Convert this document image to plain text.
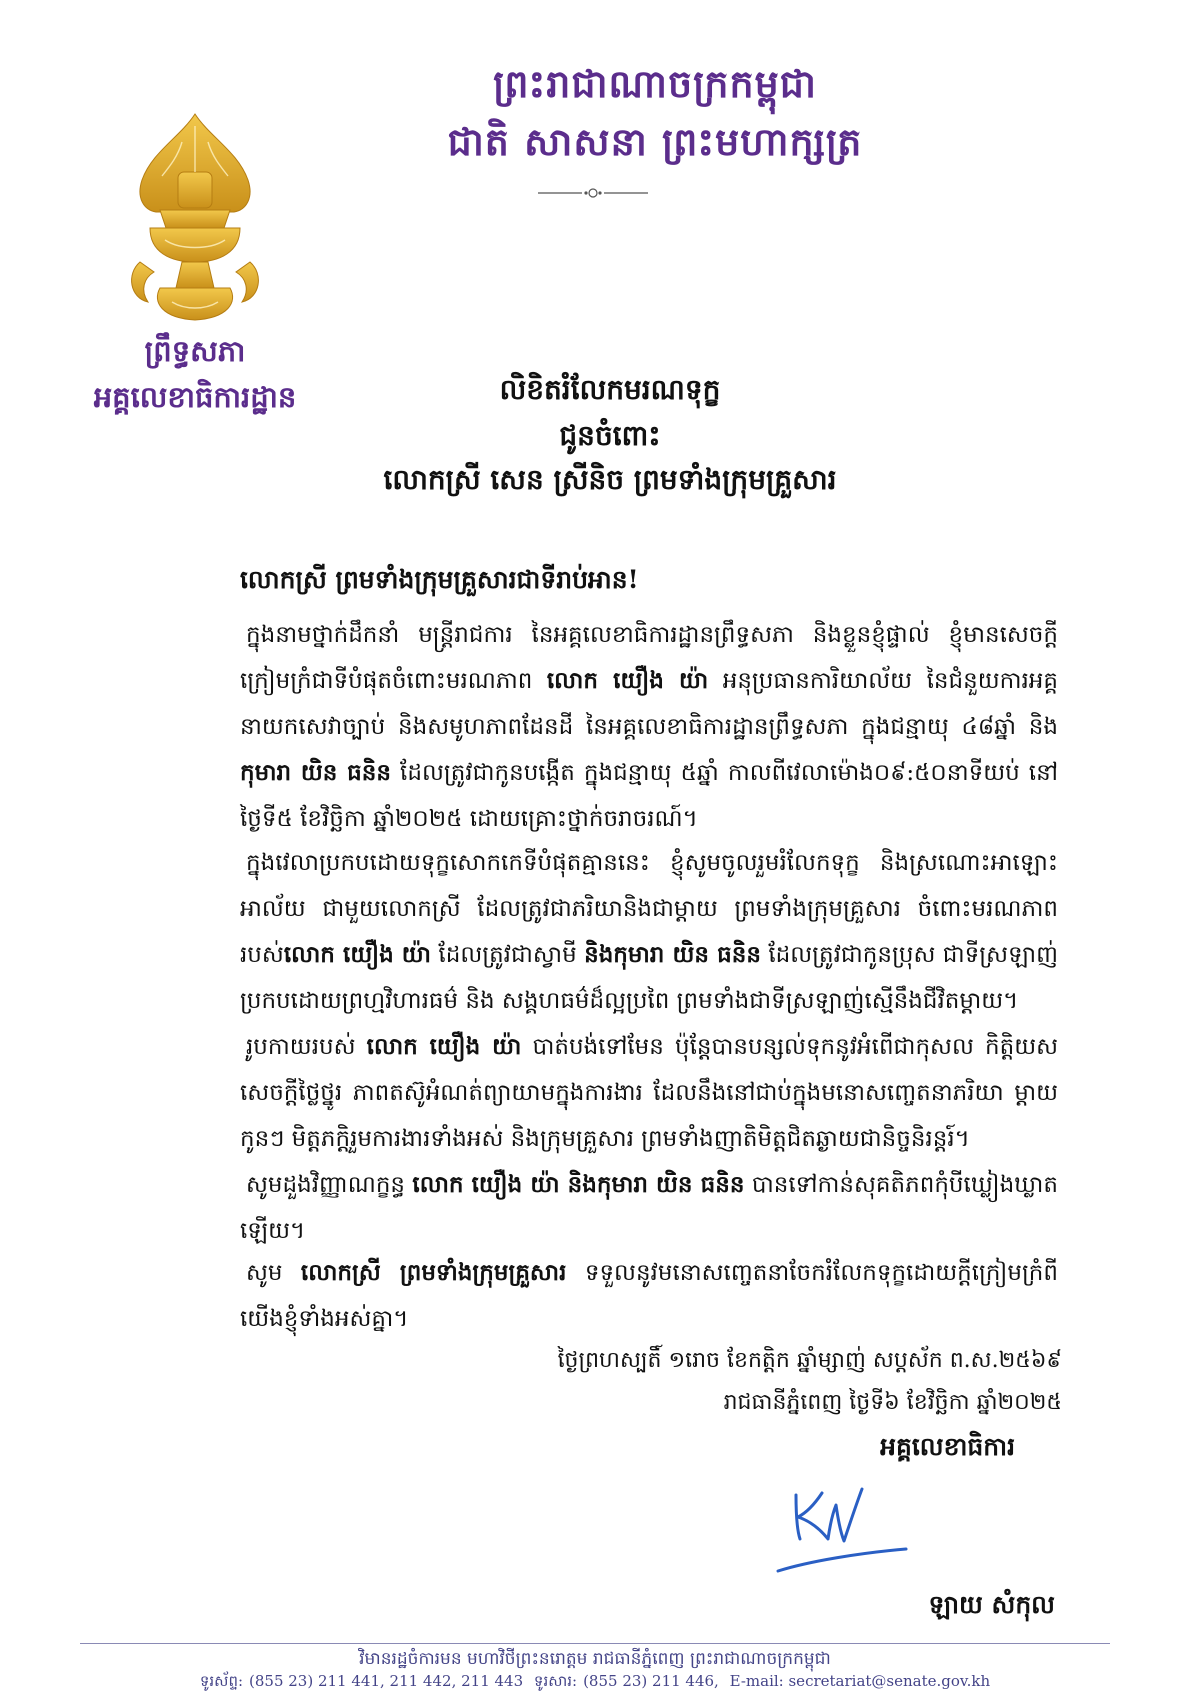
ព្រះរាជាណាចក្រកម្ពុជា
ជាតិ សាសនា ព្រះមហាក្សត្រ
ព្រឹទ្ធសភា
អគ្គលេខាធិការដ្ឋាន	លិខិតរំលែកមរណទុក្ខ
ជូនចំពោះ
លោកស្រី សេន ស្រីនិច ព្រមទាំងក្រុមគ្រួសារ
លោកស្រី ព្រមទាំងក្រុមគ្រួសារជាទីរាប់អាន!

ក្នុងនាមថ្នាក់ដឹកនាំ មន្ត្រីរាជការ នៃអគ្គលេខាធិការដ្ឋានព្រឹទ្ធសភា និងខ្លួនខ្ញុំផ្ទាល់ ខ្ញុំមានសេចក្តីក្រៀមក្រំជាទីបំផុតចំពោះមរណភាព លោក យឿង យ៉ា អនុប្រធានការិយាល័យ នៃជំនួយការអគ្គនាយកសេវាច្បាប់ និងសមូហភាពដែនដី នៃអគ្គលេខាធិការដ្ឋានព្រឹទ្ធសភា ក្នុងជន្មាយុ ៤៨ឆ្នាំ និងកុមារា យិន ធនិន ដែលត្រូវជាកូនបង្កើត ក្នុងជន្មាយុ ៥ឆ្នាំ កាលពីវេលាម៉ោង០៩:៥០នាទីយប់ នៅថ្ងៃទី៥ ខែវិច្ឆិកា ឆ្នាំ២០២៥ ដោយគ្រោះថ្នាក់ចរាចរណ៍។

ក្នុងវេលាប្រកបដោយទុក្ខសោកកេទីបំផុតគ្មាននេះ ខ្ញុំសូមចូលរួមរំលែកទុក្ខ និងស្រណោះអាឡោះអាល័យ ជាមួយលោកស្រី ដែលត្រូវជាភរិយានិងជាម្ដាយ ព្រមទាំងក្រុមគ្រួសារ ចំពោះមរណភាពរបស់លោក យឿង យ៉ា ដែលត្រូវជាស្វាមី និងកុមារា យិន ធនិន ដែលត្រូវជាកូនប្រុស ជាទីស្រឡាញ់ ប្រកបដោយព្រហ្មវិហារធម៌ និង សង្គហធម៌ដ៏ល្អប្រពៃ ព្រមទាំងជាទីស្រឡាញ់ស្មើនឹងជីវិតម្ដាយ។

រូបកាយរបស់ លោក យឿង យ៉ា បាត់បង់ទៅមែន ប៉ុន្តែបានបន្សល់ទុកនូវអំពើជាកុសល កិត្តិយស សេចក្តីថ្លៃថ្នូរ ភាពតស៊ូអំណត់ព្យាយាមក្នុងការងារ ដែលនឹងនៅជាប់ក្នុងមនោសញ្ចេតនាភរិយា ម្ដាយ កូនៗ មិត្តភក្តិរួមការងារទាំងអស់ និងក្រុមគ្រួសារ ព្រមទាំងញាតិមិត្តជិតឆ្ងាយជានិច្ចនិរន្តរ៍។

សូមដួងវិញ្ញាណក្ខន្ធ លោក យឿង យ៉ា និងកុមារា យិន ធនិន បានទៅកាន់សុគតិភពកុំបីឃ្លៀងឃ្លាតឡើយ។

សូម លោកស្រី ព្រមទាំងក្រុមគ្រួសារ ទទួលនូវមនោសញ្ចេតនាចែករំលែកទុក្ខដោយក្ដីក្រៀមក្រំពីយើងខ្ញុំទាំងអស់គ្នា។

ថ្ងៃព្រហស្បតិ៍ ១រោច ខែកត្តិក ឆ្នាំម្សាញ់ សប្តស័ក ព.ស.២៥៦៩
រាជធានីភ្នំពេញ ថ្ងៃទី៦ ខែវិច្ឆិកា ឆ្នាំ២០២៥
អគ្គលេខាធិការ
ឡាយ សំកុល
វិមានរដ្ឋចំការមន មហាវិថីព្រះនរោត្តម រាជធានីភ្នំពេញ ព្រះរាជាណាចក្រកម្ពុជា
ទូរស័ព្ទ: (855 23) 211 441, 211 442, 211 443 ទូរសារ: (855 23) 211 446, E-mail: secretariat@senate.gov.kh
